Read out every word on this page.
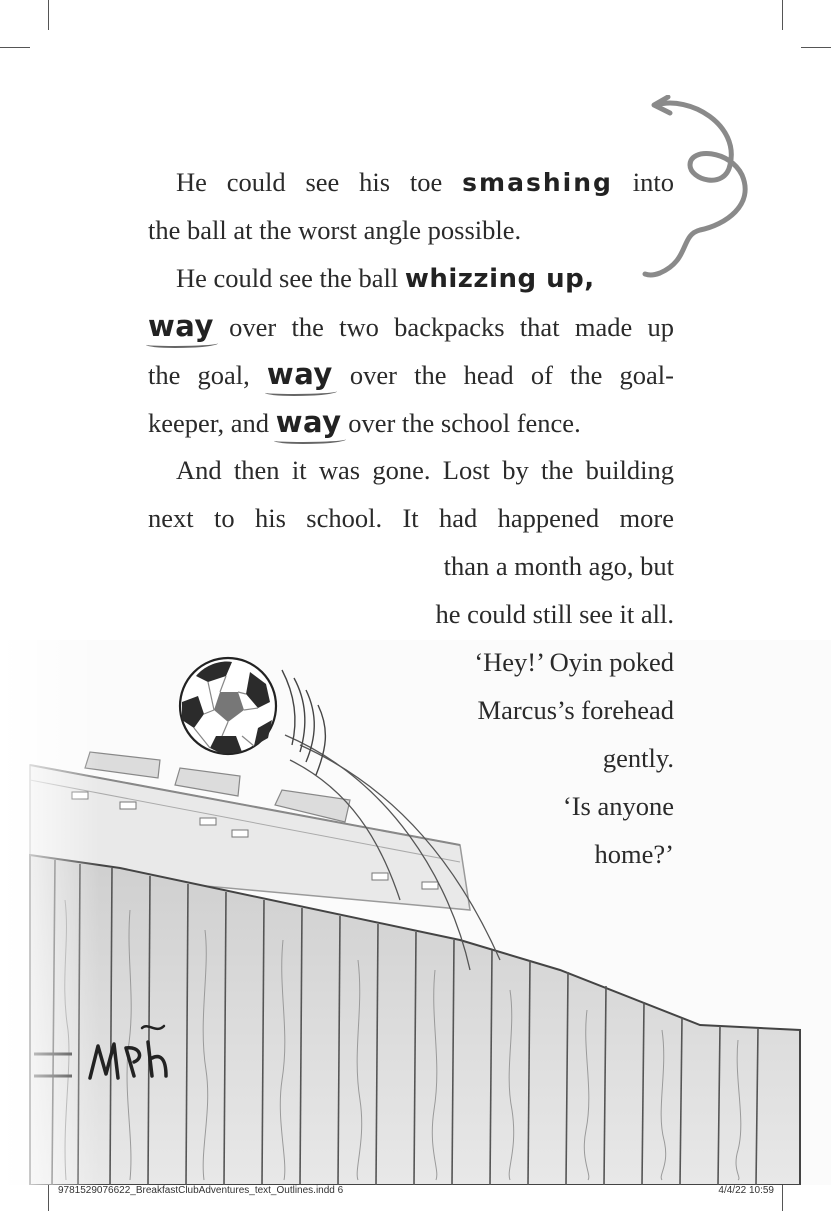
He could see his toe smashing into
the ball at the worst angle possible.
He could see the ball whizzing up,
way over the two backpacks that made up
the goal, way over the head of the goal-
keeper, and way over the school fence.
And then it was gone. Lost by the building
next to his school. It had happened more
than a month ago, but
he could still see it all.
‘Hey!’ Oyin poked
Marcus’s forehead
gently.
‘Is anyone
home?’
9781529076622_BreakfastClubAdventures_text_Outlines.indd 6	4/4/22 10:59
